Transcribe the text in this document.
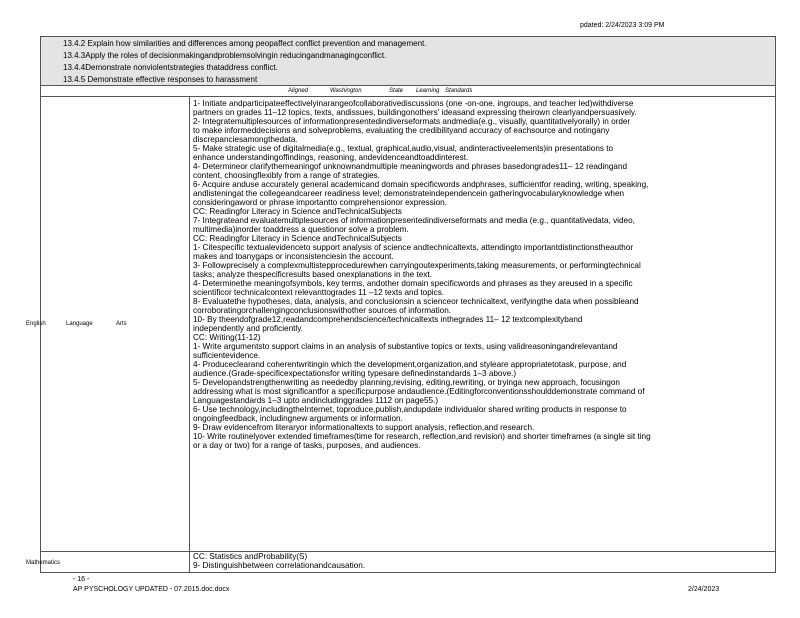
pdated: 2/24/2023 3:09 PM
13.4.2 Explain how similarities and differences among peopaffect conflict prevention and management.
13.4.3Apply the roles of decisionmakingandproblemsolvingin reducingandmanagingconflict.
13.4.4Demonstrate nonviolentstrategies thataddress conflict.
13.4.5 Demonstrate effective responses to harassment
Aligned	Washington	State Learning Standards
English	Language	Arts
1- Initiate andparticipateeffectivelyinarangeofcollaborativediscussions (one -on-one, ingroups, and teacher led)withdiverse
partners on grades 11–12 topics, texts, andissues, buildingonothers' ideasand expressing theirown clearlyandpersuasively.
2- Integratemultiplesources of informationpresentedindiverseformats andmedia(e.g., visually, quantitativelyorally) in order
to make informeddecisions and solveproblems, evaluating the credibilityand accuracy of eachsource and notingany
discrepanciesamongthedata.
5- Make strategic use of digitalmedia(e.g., textual, graphical,audio,visual, andinteractiveelements)in presentations to
enhance understandingoffindings, reasoning, andevidenceandtoaddinterest.
4- Determineor clarifythemeaningof unknownandmultiple meaningwords and phrases basedongrades11– 12 readingand
content, choosingflexibly from a range of strategies.
6- Acquire anduse accurately general academicand domain specificwords andphrases, sufficientfor reading, writing, speaking,
andlisteningat the collegeandcareer readiness level; demonstrateindependencein gatheringvocabularyknowledge when
consideringaword or phrase importantto comprehensionor expression.
CC: Readingfor Literacy in Science andTechnicalSubjects
7- Integrateand evaluatemultiplesources of informationpresentedindiverseformats and media (e.g., quantitativedata, video,
multimedia)inorder toaddress a questionor solve a problem.
CC: Readingfor Literacy in Science andTechnicalSubjects
1- Citespecific textualevidenceto support analysis of science andtechnicaltexts, attendingto importantdistinctionstheauthor
makes and toanygaps or inconsistenciesin the account.
3- Followprecisely a complexmultistepprocedurewhen carryingoutexperiments,taking measurements, or performingtechnical
tasks; analyze thespecificresults based onexplanations in the text.
4- Determinethe meaningofsymbols, key terms, andother domain specificwords and phrases as they areused in a specific
scientificor technicalcontext relevanttogrades 11 –12 texts and topics.
8- Evaluatethe hypotheses, data, analysis, and conclusionsin a scienceor technicaltext, verifyingthe data when possibleand
corroboratingorchallengingconclusionswithother sources of information.
10- By theendofgrade12,readandcomprehendscience/technicaltexts inthegrades 11– 12 textcomplexityband
independently and proficiently.
CC: Writing(11-12)
1- Write argumentsto support claims in an analysis of substantive topics or texts, using validreasoningandrelevantand
sufficientevidence.
4- Produceclearand coherentwritingin which the development,organization,and styleare appropriatetotask, purpose, and
audience.(Grade-specificexpectationsfor writing typesare definedinstandards 1–3 above.)
5- Developandstrengthenwriting as neededby planning,revising, editing,rewriting, or tryinga new approach, focusingon
addressing what is most significantfor a specificpurpose andaudience.(Editingforconventionsshoulddemonstrate command of
Languagestandards 1–3 upto andincludinggrades 1112 on page55.)
6- Use technology,includingtheInternet, toproduce,publish,andupdate individualor shared writing products in response to
ongoingfeedback, includingnew arguments or information.
9- Draw evidencefrom literaryor informationaltexts to support analysis, reflection,and research.
10- Write routinelyover extended timeframes(time for research, reflection,and revision) and shorter timeframes (a single sit ting
or a day or two) for a range of tasks, purposes, and audiences.
Mathematics
CC: Statistics andProbability(S)
9- Distinguishbetween correlationandcausation.
- 16 -
AP PYSCHOLOGY UPDATED - 07.2015.doc.docx	2/24/2023
